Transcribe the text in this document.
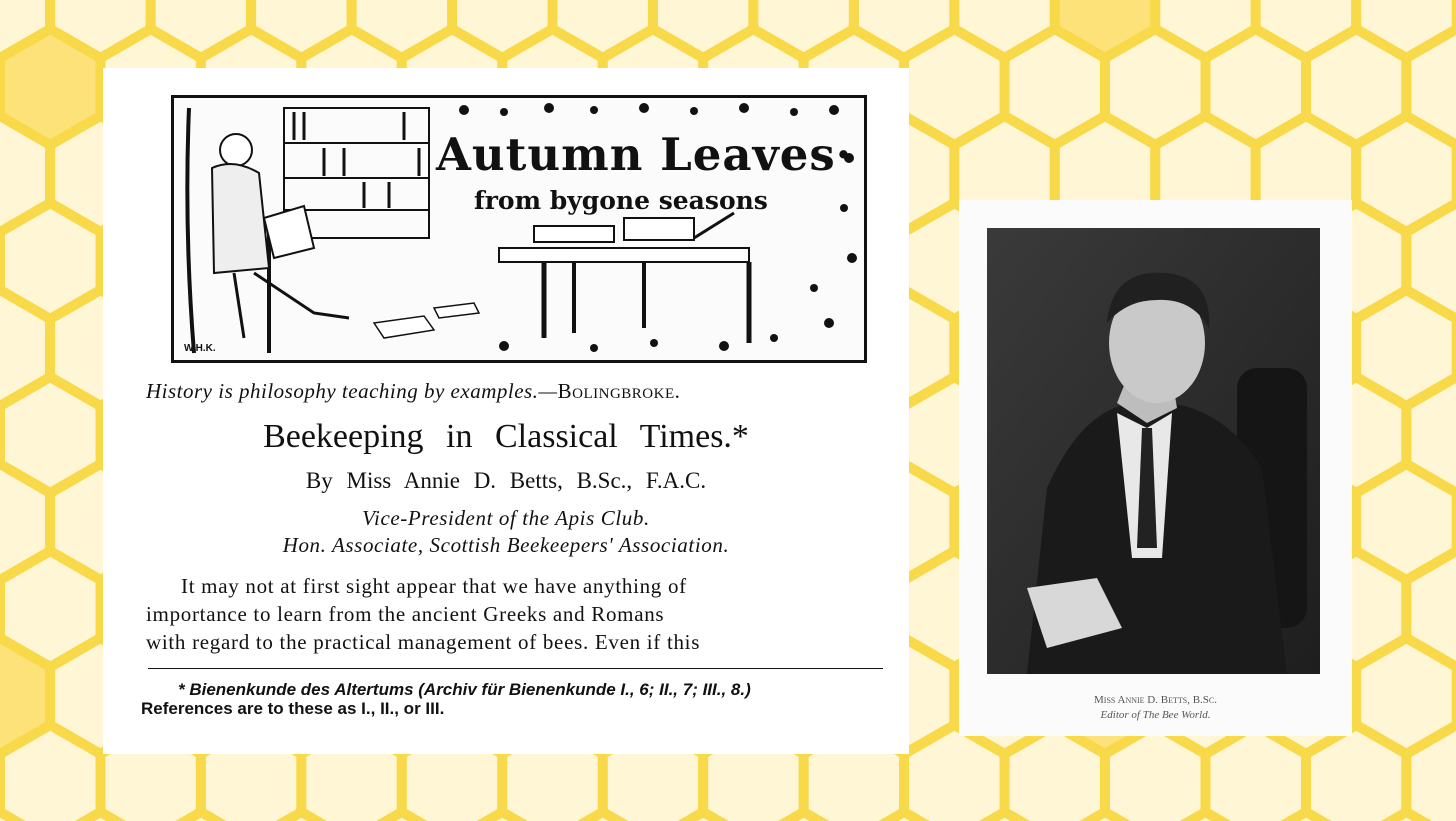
Autumn Leaves·
from bygone seasons
W.H.K.
History is philosophy teaching by examples.—Bolingbroke.
Beekeeping in Classical Times.*
By Miss Annie D. Betts, B.Sc., F.A.C.
Vice-President of the Apis Club.
Hon. Associate, Scottish Beekeepers' Association.
It may not at first sight appear that we have anything of
importance to learn from the ancient Greeks and Romans
with regard to the practical management of bees. Even if this
* Bienenkunde des Altertums (Archiv für Bienenkunde I., 6; II., 7; III., 8.)
References are to these as I., II., or III.	Miss Annie D. Betts, B.Sc.
Editor of The Bee World.
